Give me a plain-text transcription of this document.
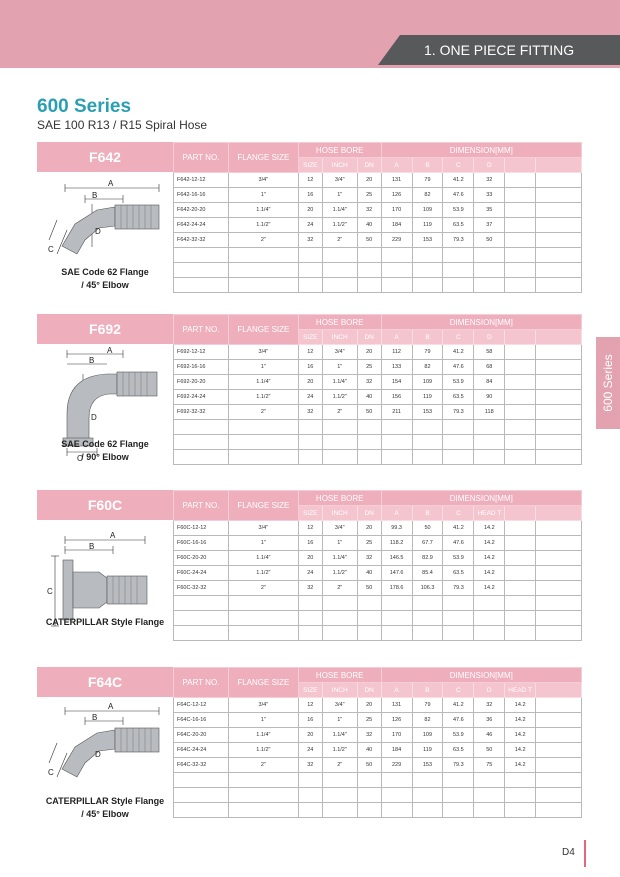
1. ONE PIECE FITTING
600 Series
SAE 100 R13 / R15 Spiral Hose
600 Series
F642
A
B
C
D
SAE Code 62 Flange
/ 45° Elbow
PART NO.	FLANGE SIZE	HOSE BORE			DIMENSION[MM]					
		SIZE	INCH	DN	A	B	C	D		
F642-12-12	3/4"	12	3/4"	20	131	79	41.2	32		
F642-16-16	1"	16	1"	25	126	82	47.6	33		
F642-20-20	1.1/4"	20	1.1/4"	32	170	109	53.9	35		
F642-24-24	1.1/2"	24	1.1/2"	40	184	119	63.5	37		
F642-32-32	2"	32	2"	50	229	153	79.3	50		

F692
A
B
C
D
SAE Code 62 Flange
/ 90° Elbow
PART NO.	FLANGE SIZE	HOSE BORE			DIMENSION[MM]					
		SIZE	INCH	DN	A	B	C	D		
F692-12-12	3/4"	12	3/4"	20	112	79	41.2	58		
F692-16-16	1"	16	1"	25	133	82	47.6	68		
F692-20-20	1.1/4"	20	1.1/4"	32	154	109	53.9	84		
F692-24-24	1.1/2"	24	1.1/2"	40	156	119	63.5	90		
F692-32-32	2"	32	2"	50	211	153	79.3	118		

F60C
A
B
C
CATERPILLAR Style Flange
PART NO.	FLANGE SIZE	HOSE BORE			DIMENSION[MM]					
		SIZE	INCH	DN	A	B	C	HEAD T		
F60C-12-12	3/4"	12	3/4"	20	99.3	50	41.2	14.2		
F60C-16-16	1"	16	1"	25	118.2	67.7	47.6	14.2		
F60C-20-20	1.1/4"	20	1.1/4"	32	146.5	82.9	53.9	14.2		
F60C-24-24	1.1/2"	24	1.1/2"	40	147.6	85.4	63.5	14.2		
F60C-32-32	2"	32	2"	50	178.6	106.3	79.3	14.2		

F64C
A
B
C
D
CATERPILLAR Style Flange
/ 45° Elbow
PART NO.	FLANGE SIZE	HOSE BORE			DIMENSION[MM]					
		SIZE	INCH	DN	A	B	C	D	HEAD T	
F64C-12-12	3/4"	12	3/4"	20	131	79	41.2	32	14.2	
F64C-16-16	1"	16	1"	25	126	82	47.6	36	14.2	
F64C-20-20	1.1/4"	20	1.1/4"	32	170	109	53.9	46	14.2	
F64C-24-24	1.1/2"	24	1.1/2"	40	184	119	63.5	50	14.2	
F64C-32-32	2"	32	2"	50	229	153	79.3	75	14.2	

D4
